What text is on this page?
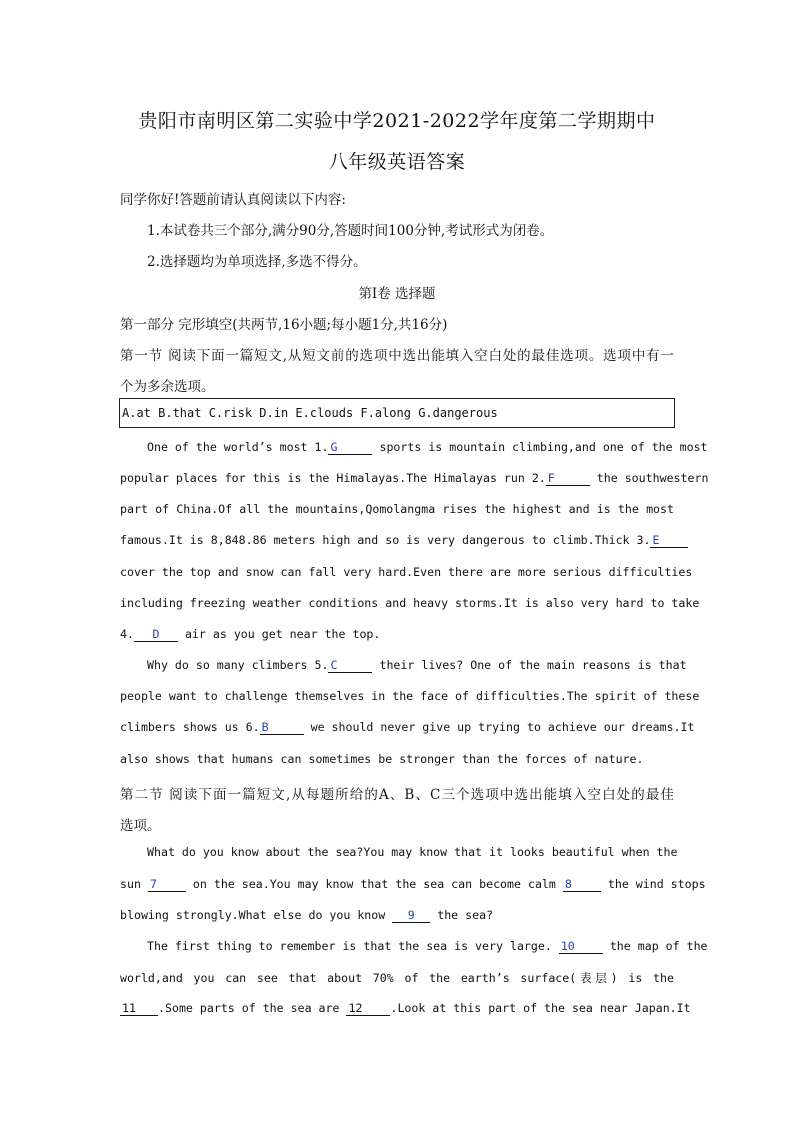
贵阳市南明区第二实验中学2021-2022学年度第二学期期中
八年级英语答案
同学你好!答题前请认真阅读以下内容:
1.本试卷共三个部分,满分90分,答题时间100分钟,考试形式为闭卷。
2.选择题均为单项选择,多选不得分。
第Ⅰ卷 选择题
第一部分 完形填空(共两节,16小题;每小题1分,共16分)
第一节 阅读下面一篇短文,从短文前的选项中选出能填入空白处的最佳选项。选项中有一
个为多余选项。
A.at B.that C.risk D.in E.clouds F.along G.dangerous
One of the world’s most 1. G	sports is mountain climbing,and one of the most
popular places for this is the Himalayas.The Himalayas run 2. F	the southwestern
part of China.Of all the mountains,Qomolangma rises the highest and is the most
famous.It is 8,848.86 meters high and so is very dangerous to climb.Thick 3. E
cover the top and snow can fall very hard.Even there are more serious difficulties
including freezing weather conditions and heavy storms.It is also very hard to take
4. D air as you get near the top.
Why do so many climbers 5. C	their lives? One of the main reasons is that
people want to challenge themselves in the face of difficulties.The spirit of these
climbers shows us 6. B	we should never give up trying to achieve our dreams.It
also shows that humans can sometimes be stronger than the forces of nature.
第二节 阅读下面一篇短文,从每题所给的A、B、C三个选项中选出能填入空白处的最佳
选项。
What do you know about the sea?You may know that it looks beautiful when the
sun 7	on the sea.You may know that the sea can become calm 8	the wind stops
blowing strongly.What else do you know 9 the sea?
The first thing to remember is that the sea is very large. 10	the map of the
world,and you can see that about 70% of the earth’s surface(表层) is the
11 .Some parts of the sea are 12 .Look at this part of the sea near Japan.It
